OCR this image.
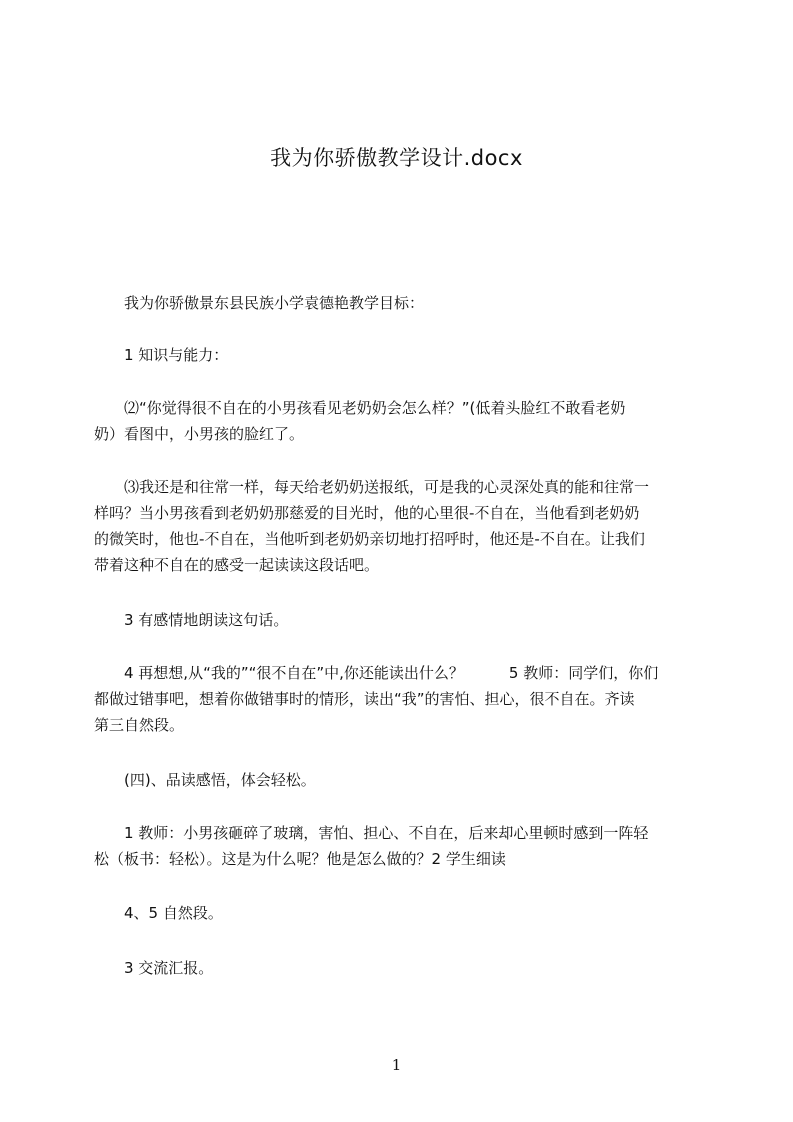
我为你骄傲教学设计.docx
　　我为你骄傲景东县民族小学袁德艳教学目标：
　　1 知识与能力：
　　⑵“你觉得很不自在的小男孩看见老奶奶会怎么样？”(低着头脸红不敢看老奶
奶）看图中，小男孩的脸红了。
　　⑶我还是和往常一样，每天给老奶奶送报纸，可是我的心灵深处真的能和往常一
样吗？当小男孩看到老奶奶那慈爱的目光时，他的心里很-不自在，当他看到老奶奶
的微笑时，他也-不自在，当他听到老奶奶亲切地打招呼时，他还是-不自在。让我们
带着这种不自在的感受一起读读这段话吧。
　　3 有感情地朗读这句话。
　　4 再想想,从“我的”“很不自在”中,你还能读出什么？　　　5 教师：同学们，你们
都做过错事吧，想着你做错事时的情形，读出“我”的害怕、担心，很不自在。齐读
第三自然段。
　　(四)、品读感悟，体会轻松。
　　1 教师：小男孩砸碎了玻璃，害怕、担心、不自在，后来却心里顿时感到一阵轻
松（板书：轻松）。这是为什么呢？他是怎么做的？2 学生细读
　　4、5 自然段。
　　3 交流汇报。
1
